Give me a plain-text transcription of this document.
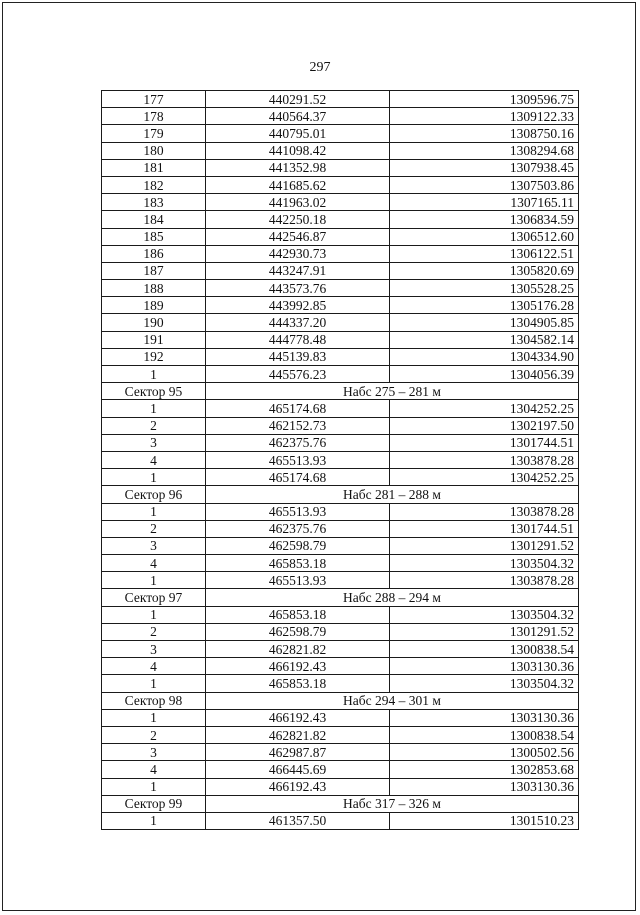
297
177	440291.52	1309596.75
178	440564.37	1309122.33
179	440795.01	1308750.16
180	441098.42	1308294.68
181	441352.98	1307938.45
182	441685.62	1307503.86
183	441963.02	1307165.11
184	442250.18	1306834.59
185	442546.87	1306512.60
186	442930.73	1306122.51
187	443247.91	1305820.69
188	443573.76	1305528.25
189	443992.85	1305176.28
190	444337.20	1304905.85
191	444778.48	1304582.14
192	445139.83	1304334.90
1	445576.23	1304056.39
Сектор 95	Набс 275 – 281 м	
1	465174.68	1304252.25
2	462152.73	1302197.50
3	462375.76	1301744.51
4	465513.93	1303878.28
1	465174.68	1304252.25
Сектор 96	Набс 281 – 288 м	
1	465513.93	1303878.28
2	462375.76	1301744.51
3	462598.79	1301291.52
4	465853.18	1303504.32
1	465513.93	1303878.28
Сектор 97	Набс 288 – 294 м	
1	465853.18	1303504.32
2	462598.79	1301291.52
3	462821.82	1300838.54
4	466192.43	1303130.36
1	465853.18	1303504.32
Сектор 98	Набс 294 – 301 м	
1	466192.43	1303130.36
2	462821.82	1300838.54
3	462987.87	1300502.56
4	466445.69	1302853.68
1	466192.43	1303130.36
Сектор 99	Набс 317 – 326 м	
1	461357.50	1301510.23
